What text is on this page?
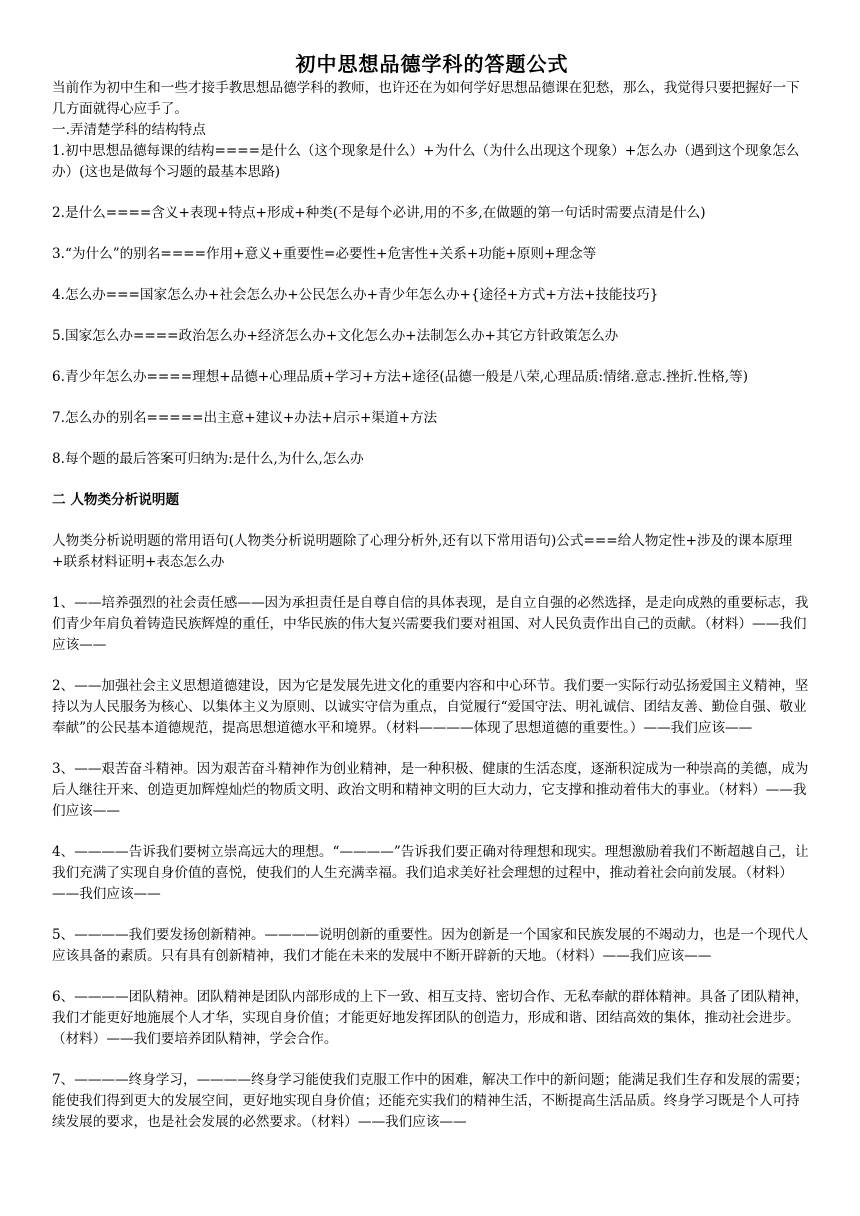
初中思想品德学科的答题公式

当前作为初中生和一些才接手教思想品德学科的教师，也许还在为如何学好思想品德课在犯愁，那么，我觉得只要把握好一下几方面就得心应手了。

一.弄清楚学科的结构特点

1.初中思想品德每课的结构====是什么（这个现象是什么）+为什么（为什么出现这个现象）+怎么办（遇到这个现象怎么办）(这也是做每个习题的最基本思路)

2.是什么====含义+表现+特点+形成+种类(不是每个必讲,用的不多,在做题的第一句话时需要点清是什么)

3.“为什么”的别名====作用+意义+重要性=必要性+危害性+关系+功能+原则+理念等

4.怎么办===国家怎么办+社会怎么办+公民怎么办+青少年怎么办+{途径+方式+方法+技能技巧}

5.国家怎么办====政治怎么办+经济怎么办+文化怎么办+法制怎么办+其它方针政策怎么办

6.青少年怎么办====理想+品德+心理品质+学习+方法+途径(品德一般是八荣,心理品质:情绪.意志.挫折.性格,等)

7.怎么办的别名=====出主意+建议+办法+启示+渠道+方法

8.每个题的最后答案可归纳为:是什么,为什么,怎么办

二 人物类分析说明题

人物类分析说明题的常用语句(人物类分析说明题除了心理分析外,还有以下常用语句)公式===给人物定性+涉及的课本原理+联系材料证明+表态怎么办

1、——培养强烈的社会责任感——因为承担责任是自尊自信的具体表现，是自立自强的必然选择，是走向成熟的重要标志，我们青少年肩负着铸造民族辉煌的重任，中华民族的伟大复兴需要我们要对祖国、对人民负责作出自己的贡献。（材料）——我们应该——

2、——加强社会主义思想道德建设，因为它是发展先进文化的重要内容和中心环节。我们要一实际行动弘扬爱国主义精神，坚持以为人民服务为核心、以集体主义为原则、以诚实守信为重点，自觉履行“爱国守法、明礼诚信、团结友善、勤俭自强、敬业奉献”的公民基本道德规范，提高思想道德水平和境界。（材料————体现了思想道德的重要性。）——我们应该——

3、——艰苦奋斗精神。因为艰苦奋斗精神作为创业精神，是一种积极、健康的生活态度，逐渐积淀成为一种崇高的美德，成为后人继往开来、创造更加辉煌灿烂的物质文明、政治文明和精神文明的巨大动力，它支撑和推动着伟大的事业。（材料）——我们应该——

4、————告诉我们要树立崇高远大的理想。“————”告诉我们要正确对待理想和现实。理想激励着我们不断超越自己，让我们充满了实现自身价值的喜悦，使我们的人生充满幸福。我们追求美好社会理想的过程中，推动着社会向前发展。（材料）——我们应该——

5、————我们要发扬创新精神。————说明创新的重要性。因为创新是一个国家和民族发展的不竭动力，也是一个现代人应该具备的素质。只有具有创新精神，我们才能在未来的发展中不断开辟新的天地。（材料）——我们应该——

6、————团队精神。团队精神是团队内部形成的上下一致、相互支持、密切合作、无私奉献的群体精神。具备了团队精神，我们才能更好地施展个人才华，实现自身价值；才能更好地发挥团队的创造力，形成和谐、团结高效的集体，推动社会进步。（材料）——我们要培养团队精神，学会合作。

7、————终身学习，————终身学习能使我们克服工作中的困难，解决工作中的新问题；能满足我们生存和发展的需要；能使我们得到更大的发展空间，更好地实现自身价值；还能充实我们的精神生活，不断提高生活品质。终身学习既是个人可持续发展的要求，也是社会发展的必然要求。（材料）——我们应该——
